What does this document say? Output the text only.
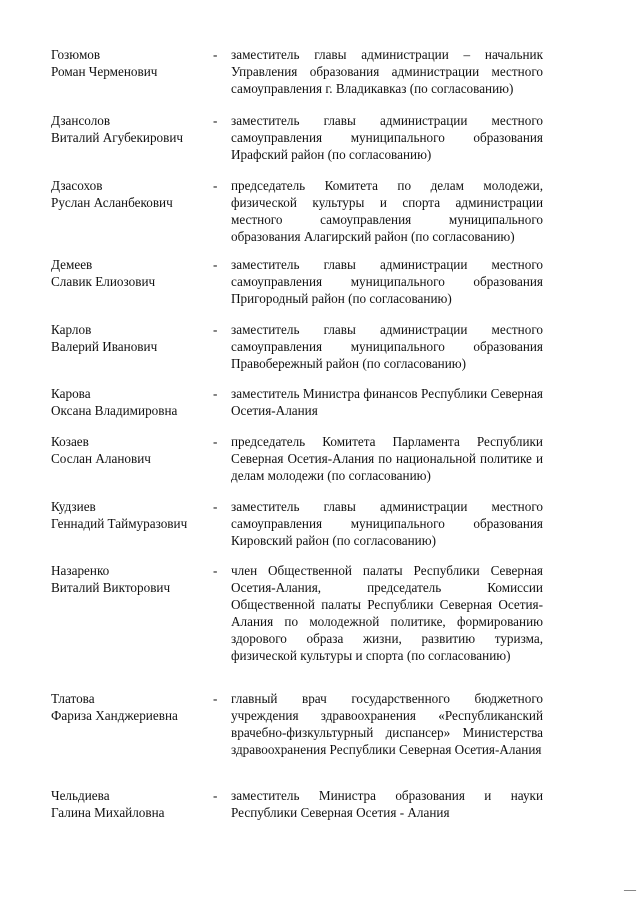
Гозюмов
Роман Черменович
- заместитель главы администрации – начальник Управления образования администрации местного самоуправления г. Владикавказ (по согласованию)
Дзансолов
Виталий Агубекирович
- заместитель главы администрации местного самоуправления муниципального образования Ирафский район (по согласованию)
Дзасохов
Руслан Асланбекович
- председатель Комитета по делам молодежи, физической культуры и спорта администрации местного самоуправления муниципального образования Алагирский район (по согласованию)
Демеев
Славик Елиозович
- заместитель главы администрации местного самоуправления муниципального образования Пригородный район (по согласованию)
Карлов
Валерий Иванович
- заместитель главы администрации местного самоуправления муниципального образования Правобережный район (по согласованию)
Карова
Оксана Владимировна
- заместитель Министра финансов Республики Северная Осетия-Алания
Козаев
Сослан Аланович
- председатель Комитета Парламента Республики Северная Осетия-Алания по национальной политике и делам молодежи (по согласованию)
Кудзиев
Геннадий Таймуразович
- заместитель главы администрации местного самоуправления муниципального образования Кировский район (по согласованию)
Назаренко
Виталий Викторович
- член Общественной палаты Республики Северная Осетия-Алания, председатель Комиссии Общественной палаты Республики Северная Осетия-Алания по молодежной политике, формированию здорового образа жизни, развитию туризма, физической культуры и спорта (по согласованию)
Тлатова
Фариза Ханджериевна
- главный врач государственного бюджетного учреждения здравоохранения «Республиканский врачебно-физкультурный диспансер» Министерства здравоохранения Республики Северная Осетия-Алания
Чельдиева
Галина Михайловна
- заместитель Министра образования и науки Республики Северная Осетия - Алания
—
